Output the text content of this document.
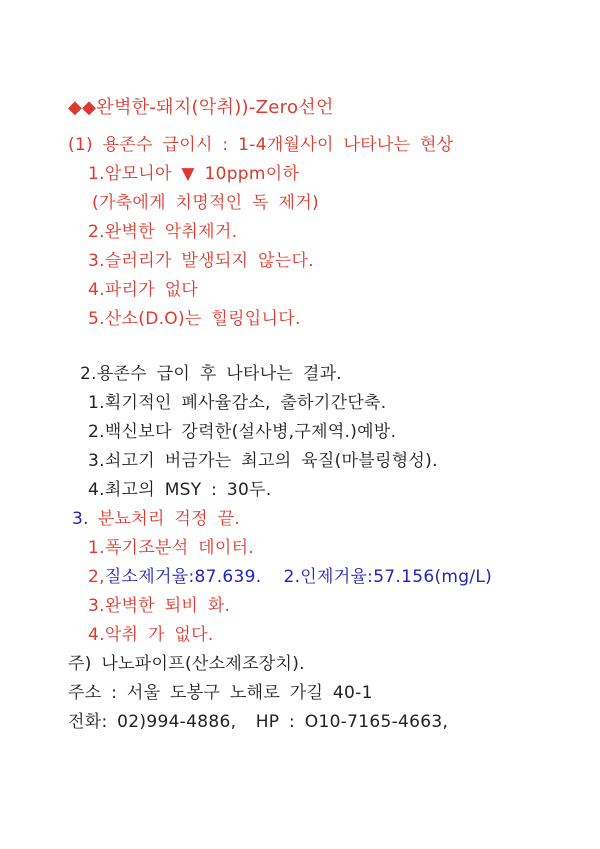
◆◆완벽한-돼지(악취))-Zero선언
(1) 용존수 급이시 : 1-4개월사이 나타나는 현상
1.암모니아 ▼ 10ppm이하
(가축에게 치명적인 독 제거)
2.완벽한 악취제거.
3.슬러리가 발생되지 않는다.
4.파리가 없다
5.산소(D.O)는 힐링입니다.
2.용존수 급이 후 나타나는 결과.
1.획기적인 폐사율감소, 출하기간단축.
2.백신보다 강력한(설사병,구제역.)예방.
3.쇠고기 버금가는 최고의 육질(마블링형성).
4.최고의 MSY : 30두.
3. 분뇨처리 걱정 끝.
1.폭기조분석 데이터.
2,질소제거율:87.639. 2.인제거율:57.156(mg/L)
3.완벽한 퇴비 화.
4.악취 가 없다.
주) 나노파이프(산소제조장치).
주소 : 서울 도봉구 노해로 가길 40-1
전화: 02)994-4886,  HP : O10-7165-4663,
